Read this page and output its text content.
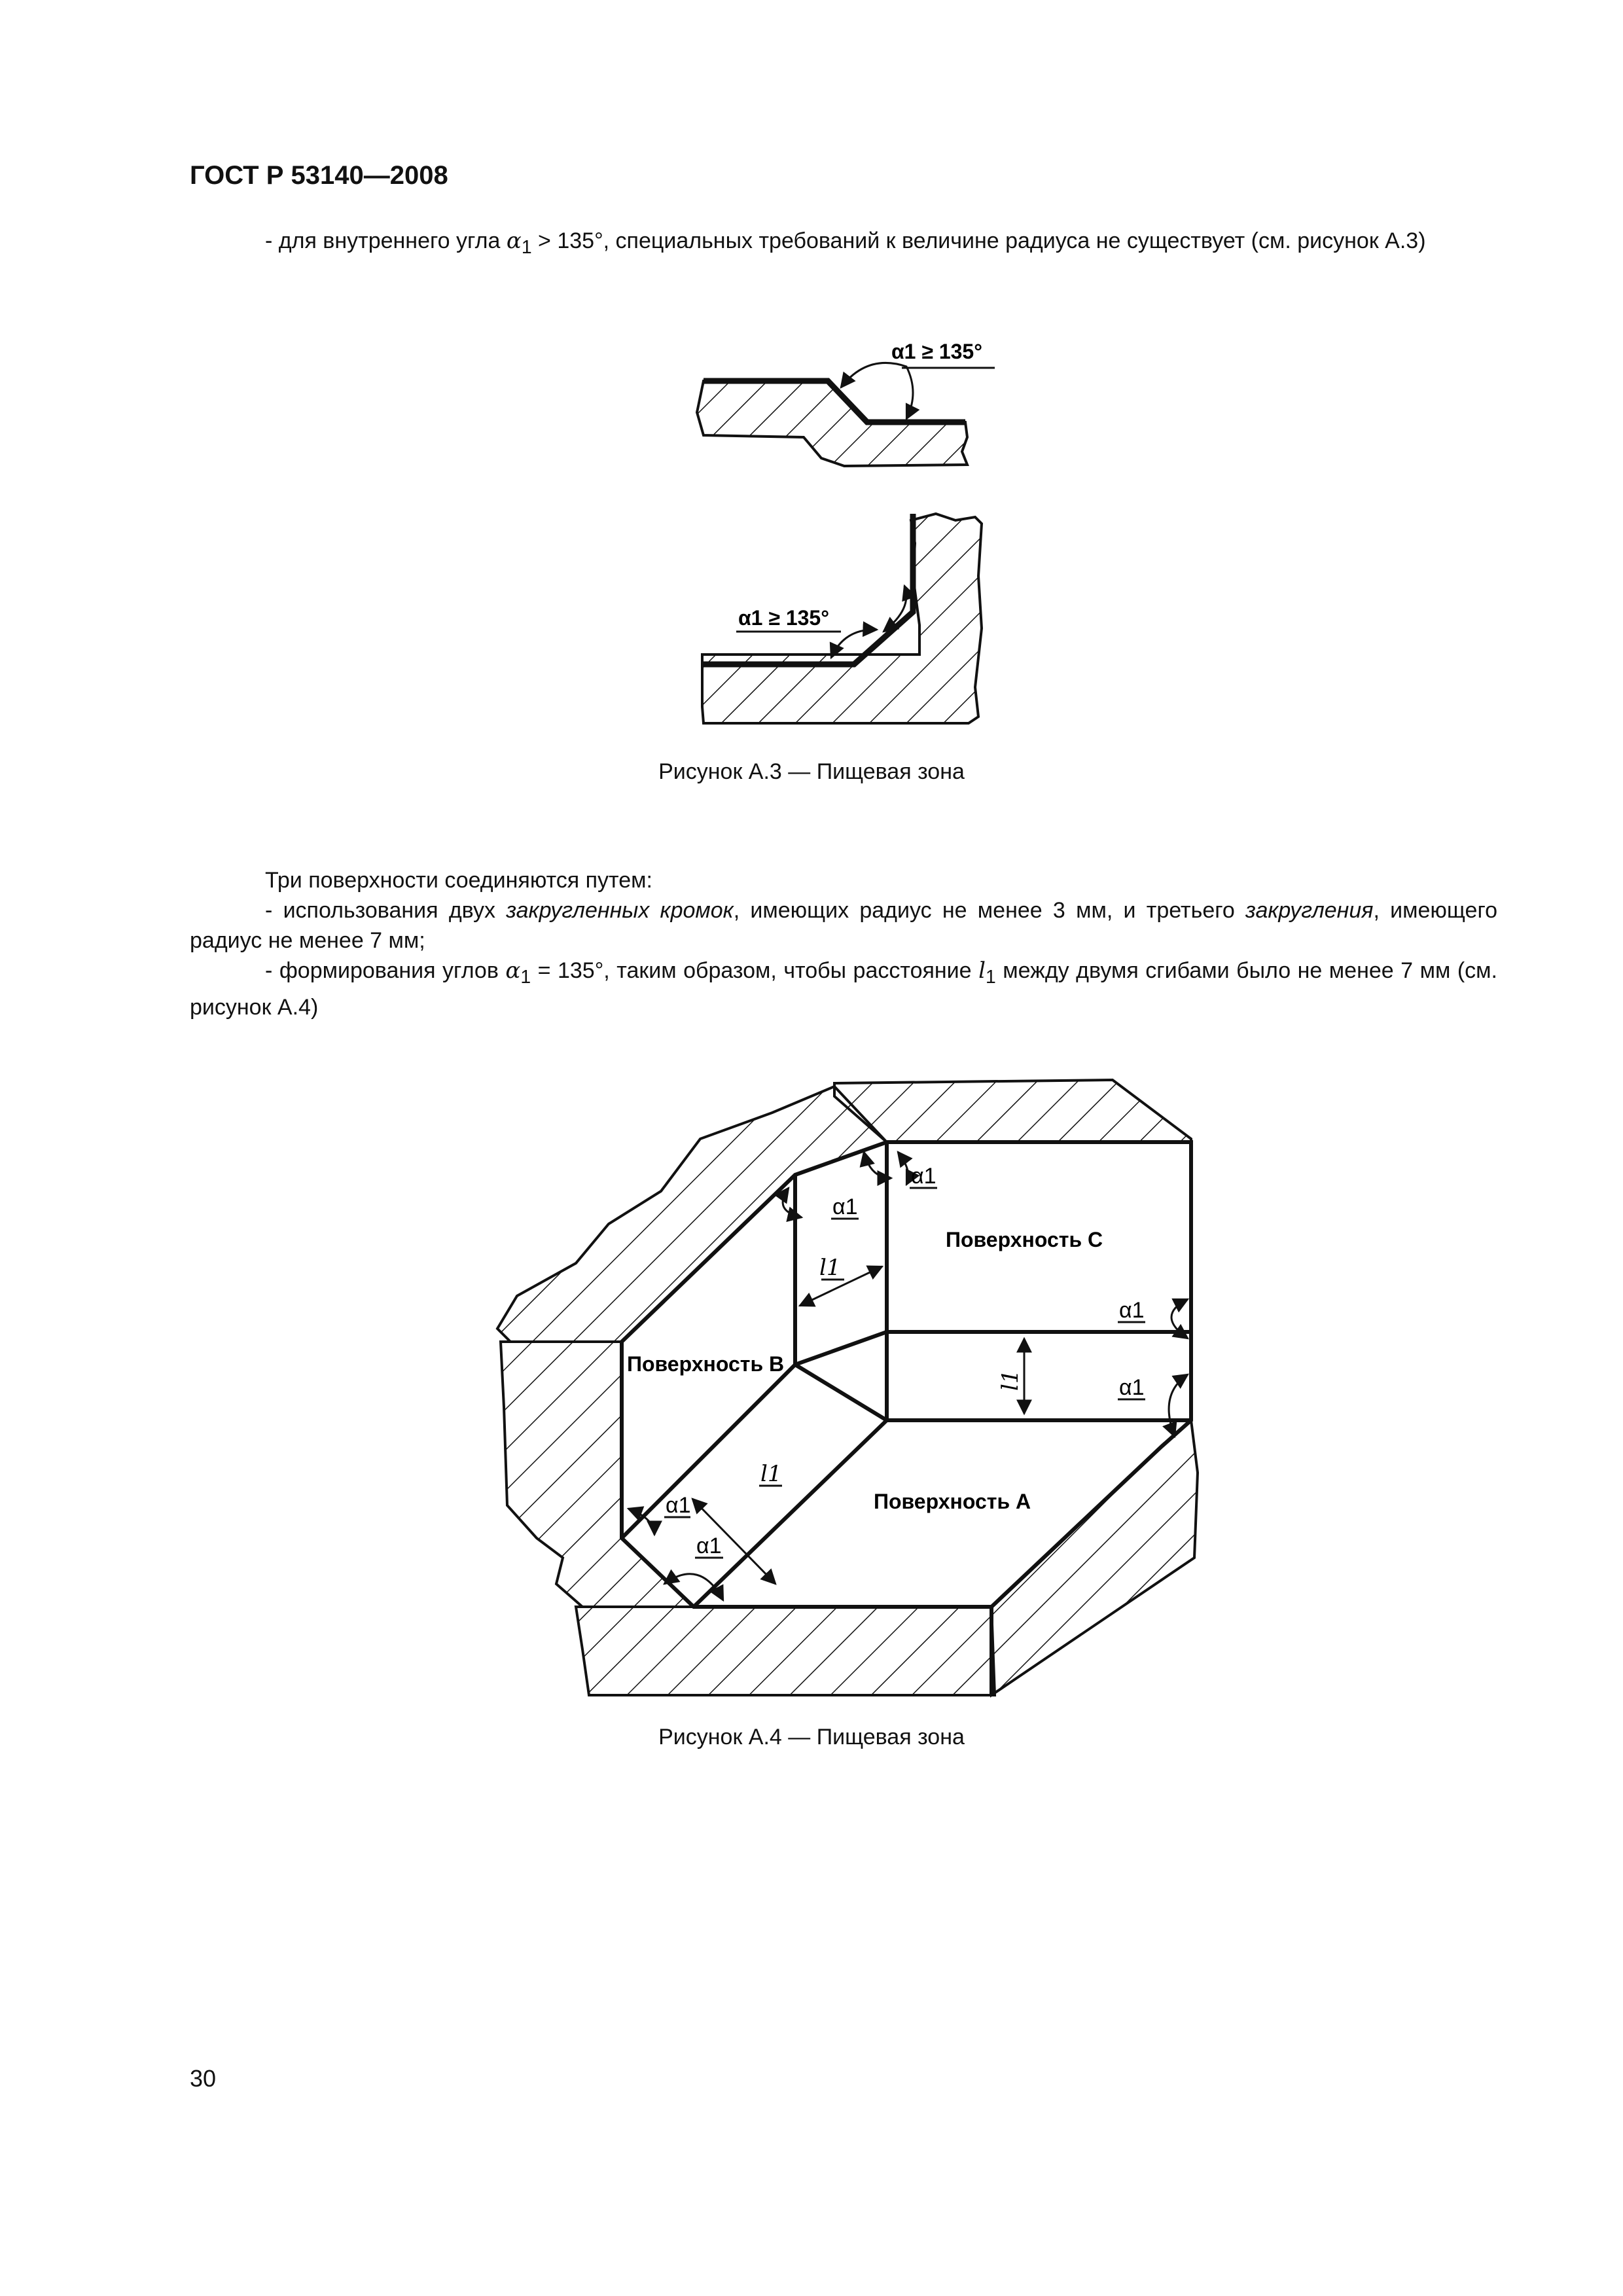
ГОСТ Р 53140—2008
- для внутреннего угла $\alpha_1 > 135^\circ$, специальных требований к величине радиуса не существует (см. рисунок А.3)
α1 ≥ 135°
α1 ≥ 135°
Рисунок А.3 — Пищевая зона
Три поверхности соединяются путем:
- использования двух закругленных кромок, имеющих радиус не менее 3 мм, и третьего закругления, имеющего радиус не менее 7 мм;
- формирования углов $\alpha_1 = 135^\circ$, таким образом, чтобы расстояние $l_1$ между двумя сгибами было не менее 7 мм (см. рисунок А.4)
Поверхность С
Поверхность В
Поверхность А
α1
α1
α1
α1
α1
α1
l1
l1
l1
Рисунок А.4 — Пищевая зона
30
